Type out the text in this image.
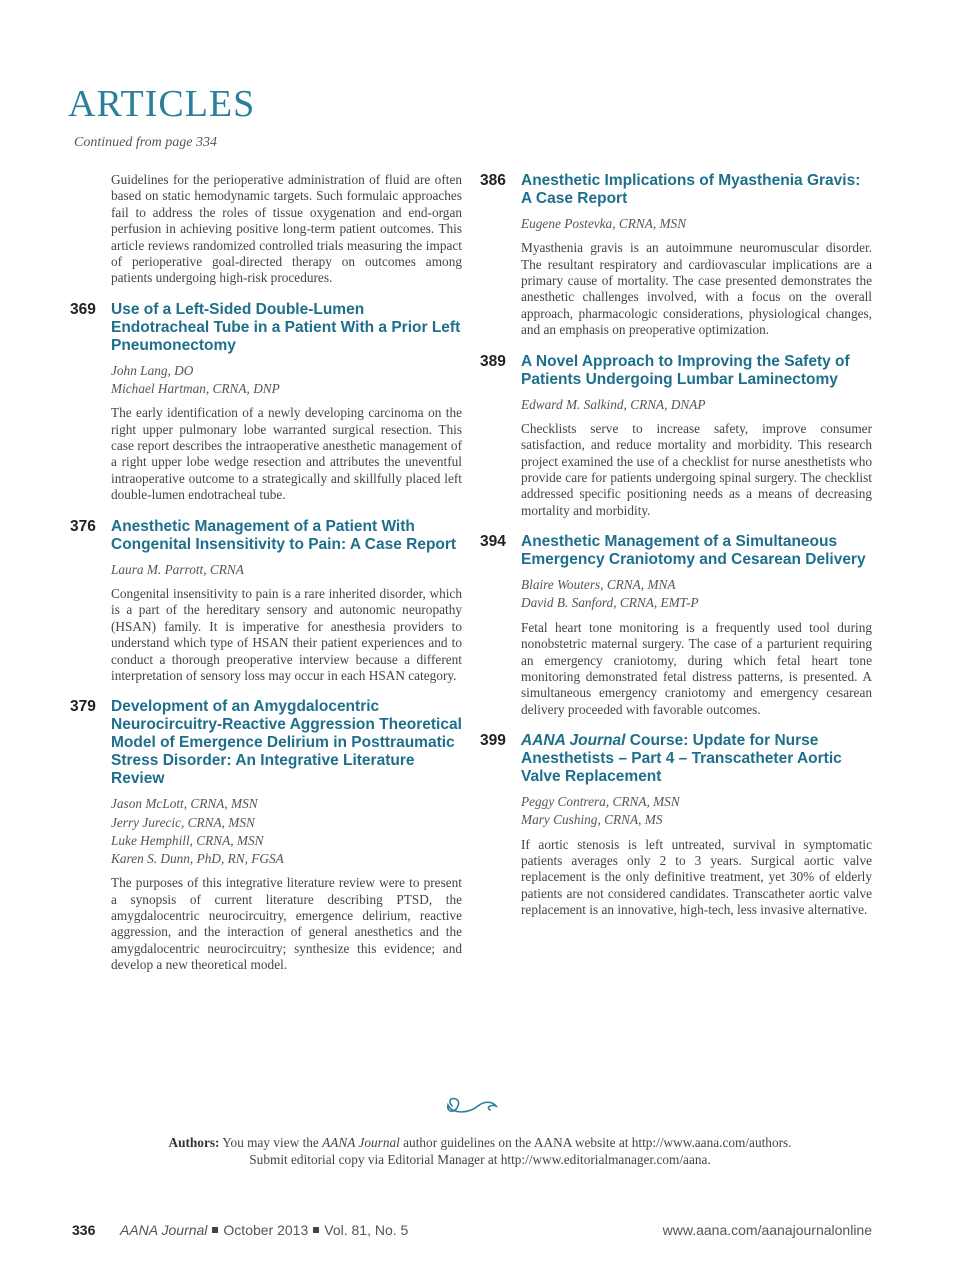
ARTICLES
Continued from page 334

Guidelines for the perioperative administration of fluid are often based on static hemodynamic targets. Such formulaic approaches fail to address the roles of tissue oxygenation and end-organ perfusion in achieving positive long-term patient outcomes. This article reviews randomized controlled trials measuring the impact of perioperative goal-directed therapy on outcomes among patients undergoing high-risk procedures.

369 Use of a Left-Sided Double-Lumen Endotracheal Tube in a Patient With a Prior Left Pneumonectomy
John Lang, DO
Michael Hartman, CRNA, DNP

The early identification of a newly developing carcinoma on the right upper pulmonary lobe warranted surgical resection. This case report describes the intraoperative anesthetic management of a right upper lobe wedge resection and attributes the uneventful intraoperative outcome to a strategically and skillfully placed left double-lumen endotracheal tube.

376 Anesthetic Management of a Patient With Congenital Insensitivity to Pain: A Case Report
Laura M. Parrott, CRNA

Congenital insensitivity to pain is a rare inherited disorder, which is a part of the hereditary sensory and autonomic neuropathy (HSAN) family. It is imperative for anesthesia providers to understand which type of HSAN their patient experiences and to conduct a thorough preoperative interview because a different interpretation of sensory loss may occur in each HSAN category.

379 Development of an Amygdalocentric Neurocircuitry-Reactive Aggression Theoretical Model of Emergence Delirium in Posttraumatic Stress Disorder: An Integrative Literature Review
Jason McLott, CRNA, MSN
Jerry Jurecic, CRNA, MSN
Luke Hemphill, CRNA, MSN
Karen S. Dunn, PhD, RN, FGSA

The purposes of this integrative literature review were to present a synopsis of current literature describing PTSD, the amygdalocentric neurocircuitry, emergence delirium, reactive aggression, and the interaction of general anesthetics and the amygdalocentric neurocircuitry; synthesize this evidence; and develop a new theoretical model.

386 Anesthetic Implications of Myasthenia Gravis: A Case Report
Eugene Postevka, CRNA, MSN

Myasthenia gravis is an autoimmune neuromuscular disorder. The resultant respiratory and cardiovascular implications are a primary cause of mortality. The case presented demonstrates the anesthetic challenges involved, with a focus on the overall approach, pharmacologic considerations, physiological changes, and an emphasis on preoperative optimization.

389 A Novel Approach to Improving the Safety of Patients Undergoing Lumbar Laminectomy
Edward M. Salkind, CRNA, DNAP

Checklists serve to increase safety, improve consumer satisfaction, and reduce mortality and morbidity. This research project examined the use of a checklist for nurse anesthetists who provide care for patients undergoing spinal surgery. The checklist addressed specific positioning needs as a means of decreasing mortality and morbidity.

394 Anesthetic Management of a Simultaneous Emergency Craniotomy and Cesarean Delivery
Blaire Wouters, CRNA, MNA
David B. Sanford, CRNA, EMT-P

Fetal heart tone monitoring is a frequently used tool during nonobstetric maternal surgery. The case of a parturient requiring an emergency craniotomy, during which fetal heart tone monitoring demonstrated fetal distress patterns, is presented. A simultaneous emergency craniotomy and emergency cesarean delivery proceeded with favorable outcomes.

399 AANA Journal Course: Update for Nurse Anesthetists – Part 4 – Transcatheter Aortic Valve Replacement
Peggy Contrera, CRNA, MSN
Mary Cushing, CRNA, MS

If aortic stenosis is left untreated, survival in symptomatic patients averages only 2 to 3 years. Surgical aortic valve replacement is the only definitive treatment, yet 30% of elderly patients are not considered candidates. Transcatheter aortic valve replacement is an innovative, high-tech, less invasive alternative.

Authors: You may view the AANA Journal author guidelines on the AANA website at http://www.aana.com/authors.
Submit editorial copy via Editorial Manager at http://www.editorialmanager.com/aana.
336 AANA Journal October 2013 Vol. 81, No. 5	www.aana.com/aanajournalonline
